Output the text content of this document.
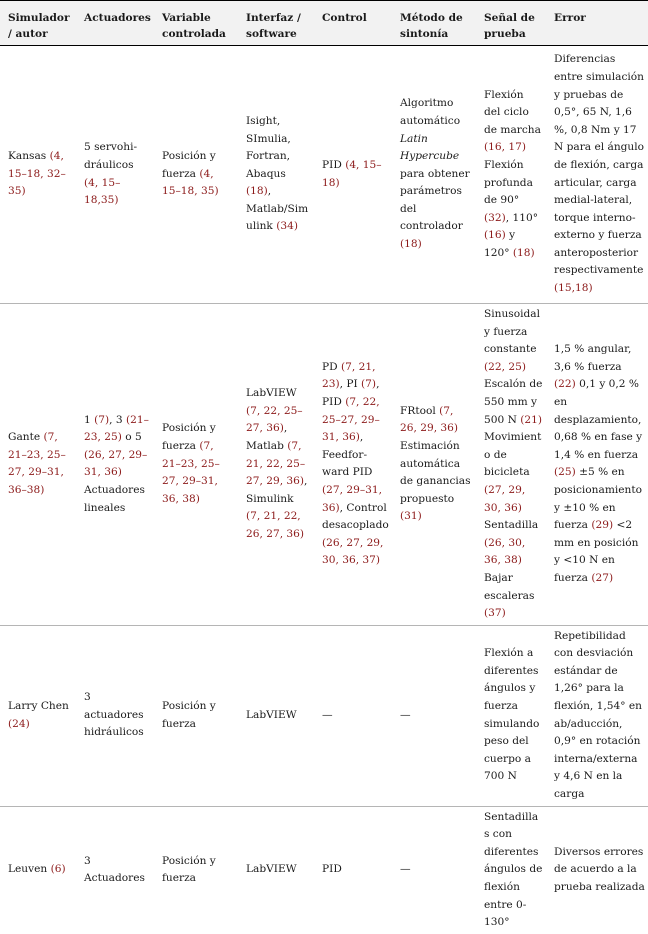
Simulador / autor	Actuadores	Variable controlada	Interfaz / software	Control	Método de sintonía	Señal de prueba	Error
Kansas (4, 15–18, 32–35)	5 servohi-dráulicos (4, 15–18,35)	Posición y fuerza (4, 15–18, 35)	Isight, SImulia, Fortran, Abaqus (18), Matlab/Simulink (34)	PID (4, 15–18)	Algoritmo automático Latin Hypercube para obtener parámetros del controlador (18)	Flexión del ciclo de marcha (16, 17) Flexión profunda de 90° (32), 110° (16) y 120° (18)	Diferencias entre simulación y pruebas de 0,5°, 65 N, 1,6 %, 0,8 Nm y 17 N para el ángulo de flexión, carga articular, carga medial-lateral, torque interno-externo y fuerza anteroposterior respectivamente (15,18)
Gante (7, 21–23, 25–27, 29–31, 36–38)	1 (7), 3 (21–23, 25) o 5 (26, 27, 29–31, 36) Actuadores lineales	Posición y fuerza (7, 21–23, 25–27, 29–31, 36, 38)	LabVIEW (7, 22, 25–27, 36), Matlab (7, 21, 22, 25–27, 29, 36), Simulink (7, 21, 22, 26, 27, 36)	PD (7, 21, 23), PI (7), PID (7, 22, 25–27, 29–31, 36), Feedfor-ward PID (27, 29–31, 36), Control desacoplado (26, 27, 29, 30, 36, 37)	FRtool (7, 26, 29, 36) Estimación automática de ganancias propuesto (31)	Sinusoidal y fuerza constante (22, 25) Escalón de 550 mm y 500 N (21) Movimiento de bicicleta (27, 29, 30, 36) Sentadilla (26, 30, 36, 38) Bajar escaleras (37)	1,5 % angular, 3,6 % fuerza (22) 0,1 y 0,2 % en desplazamiento, 0,68 % en fase y 1,4 % en fuerza (25) ±5 % en posicionamiento y ±10 % en fuerza (29) <2 mm en posición y <10 N en fuerza (27)
Larry Chen (24)	3 actuadores hidráulicos	Posición y fuerza	LabVIEW	—	—	Flexión a diferentes ángulos y fuerza simulando peso del cuerpo a 700 N	Repetibilidad con desviación estándar de 1,26° para la flexión, 1,54° en ab/aducción, 0,9° en rotación interna/externa y 4,6 N en la carga
Leuven (6)	3 Actuadores	Posición y fuerza	LabVIEW	PID	—	Sentadillas con diferentes ángulos de flexión entre 0-130°	Diversos errores de acuerdo a la prueba realizada
